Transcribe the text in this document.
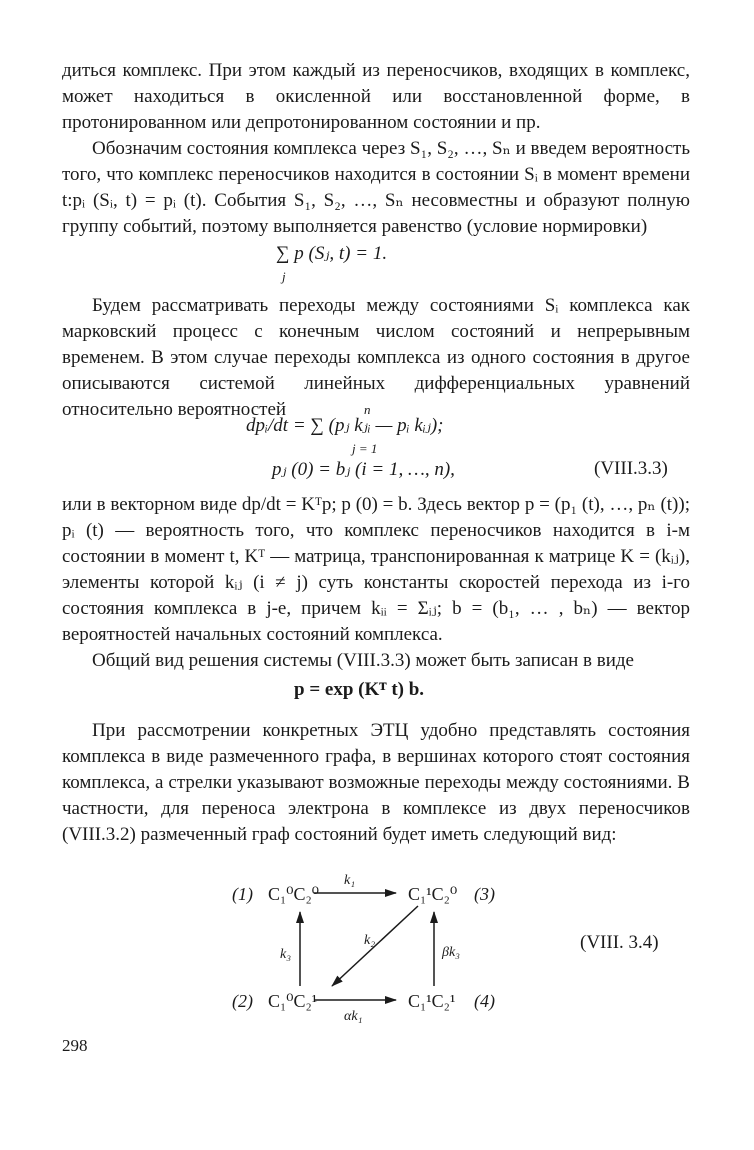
диться комплекс. При этом каждый из переносчиков, входящих в комплекс, может находиться в окисленной или восстановленной форме, в протонированном или депротонированном состоянии и пр.

Обозначим состояния комплекса через S₁, S₂, …, Sₙ и введем вероятность того, что комплекс переносчиков находится в состоянии Sᵢ в момент времени t:pᵢ (Sᵢ, t) = pᵢ (t). События S₁, S₂, …, Sₙ несовместны и образуют полную группу событий, поэтому выполняется равенство (условие нормировки)

∑ p (Sⱼ, t) = 1.
j

Будем рассматривать переходы между состояниями Sᵢ комплекса как марковский процесс с конечным числом состояний и непрерывным временем. В этом случае переходы комплекса из одного состояния в другое описываются системой линейных дифференциальных уравнений относительно вероятностей	n
dpᵢ/dt = ∑ (pⱼ kⱼᵢ — pᵢ kᵢⱼ);
j = 1
pⱼ (0) = bⱼ (i = 1, …, n),	(VIII.3.3)

или в векторном виде dp/dt = Kᵀp; p (0) = b. Здесь вектор p = (p₁ (t), …, pₙ (t)); pᵢ (t) — вероятность того, что комплекс переносчиков находится в i-м состоянии в момент t, Kᵀ — матрица, транспонированная к матрице K = (kᵢⱼ), элементы которой kᵢⱼ (i ≠ j) суть константы скоростей перехода из i-го состояния комплекса в j-е, причем kᵢᵢ = Σᵢⱼ; b = (b₁, … , bₙ) — вектор вероятностей начальных состояний комплекса.

Общий вид решения системы (VIII.3.3) может быть записан в виде

p = exp (Kᵀ t) b.

При рассмотрении конкретных ЭТЦ удобно представлять состояния комплекса в виде размеченного графа, в вершинах которого стоят состояния комплекса, а стрелки указывают возможные переходы между состояниями. В частности, для переноса электрона в комплексе из двух переносчиков (VIII.3.2) размеченный граф состояний будет иметь следующий вид:

(1) C₁⁰C₂⁰	(3)
C₁¹C₂⁰
(2) C₁⁰C₂¹	(4)
C₁¹C₂¹
k₁
k₃
k₂
βk₃
αk₁
(VIII. 3.4)
298
